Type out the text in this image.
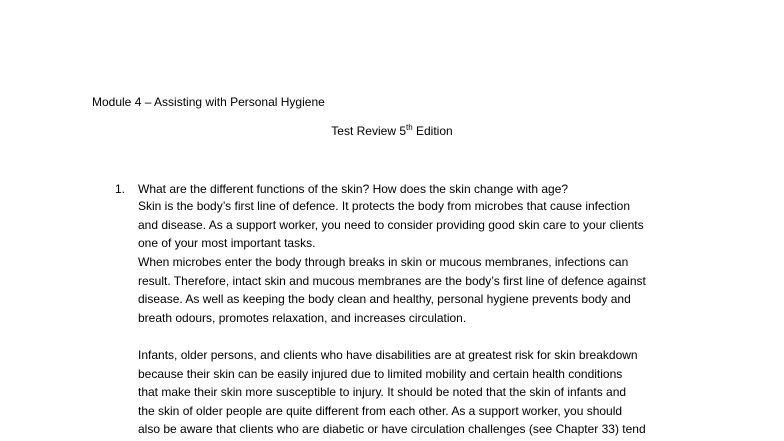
Module 4 – Assisting with Personal Hygiene
Test Review 5th Edition
1. What are the different functions of the skin? How does the skin change with age?
Skin is the body’s first line of defence. It protects the body from microbes that cause infection
and disease. As a support worker, you need to consider providing good skin care to your clients
one of your most important tasks.
When microbes enter the body through breaks in skin or mucous membranes, infections can
result. Therefore, intact skin and mucous membranes are the body’s first line of defence against
disease. As well as keeping the body clean and healthy, personal hygiene prevents body and
breath odours, promotes relaxation, and increases circulation.
Infants, older persons, and clients who have disabilities are at greatest risk for skin breakdown
because their skin can be easily injured due to limited mobility and certain health conditions
that make their skin more susceptible to injury. It should be noted that the skin of infants and
the skin of older people are quite different from each other. As a support worker, you should
also be aware that clients who are diabetic or have circulation challenges (see Chapter 33) tend
